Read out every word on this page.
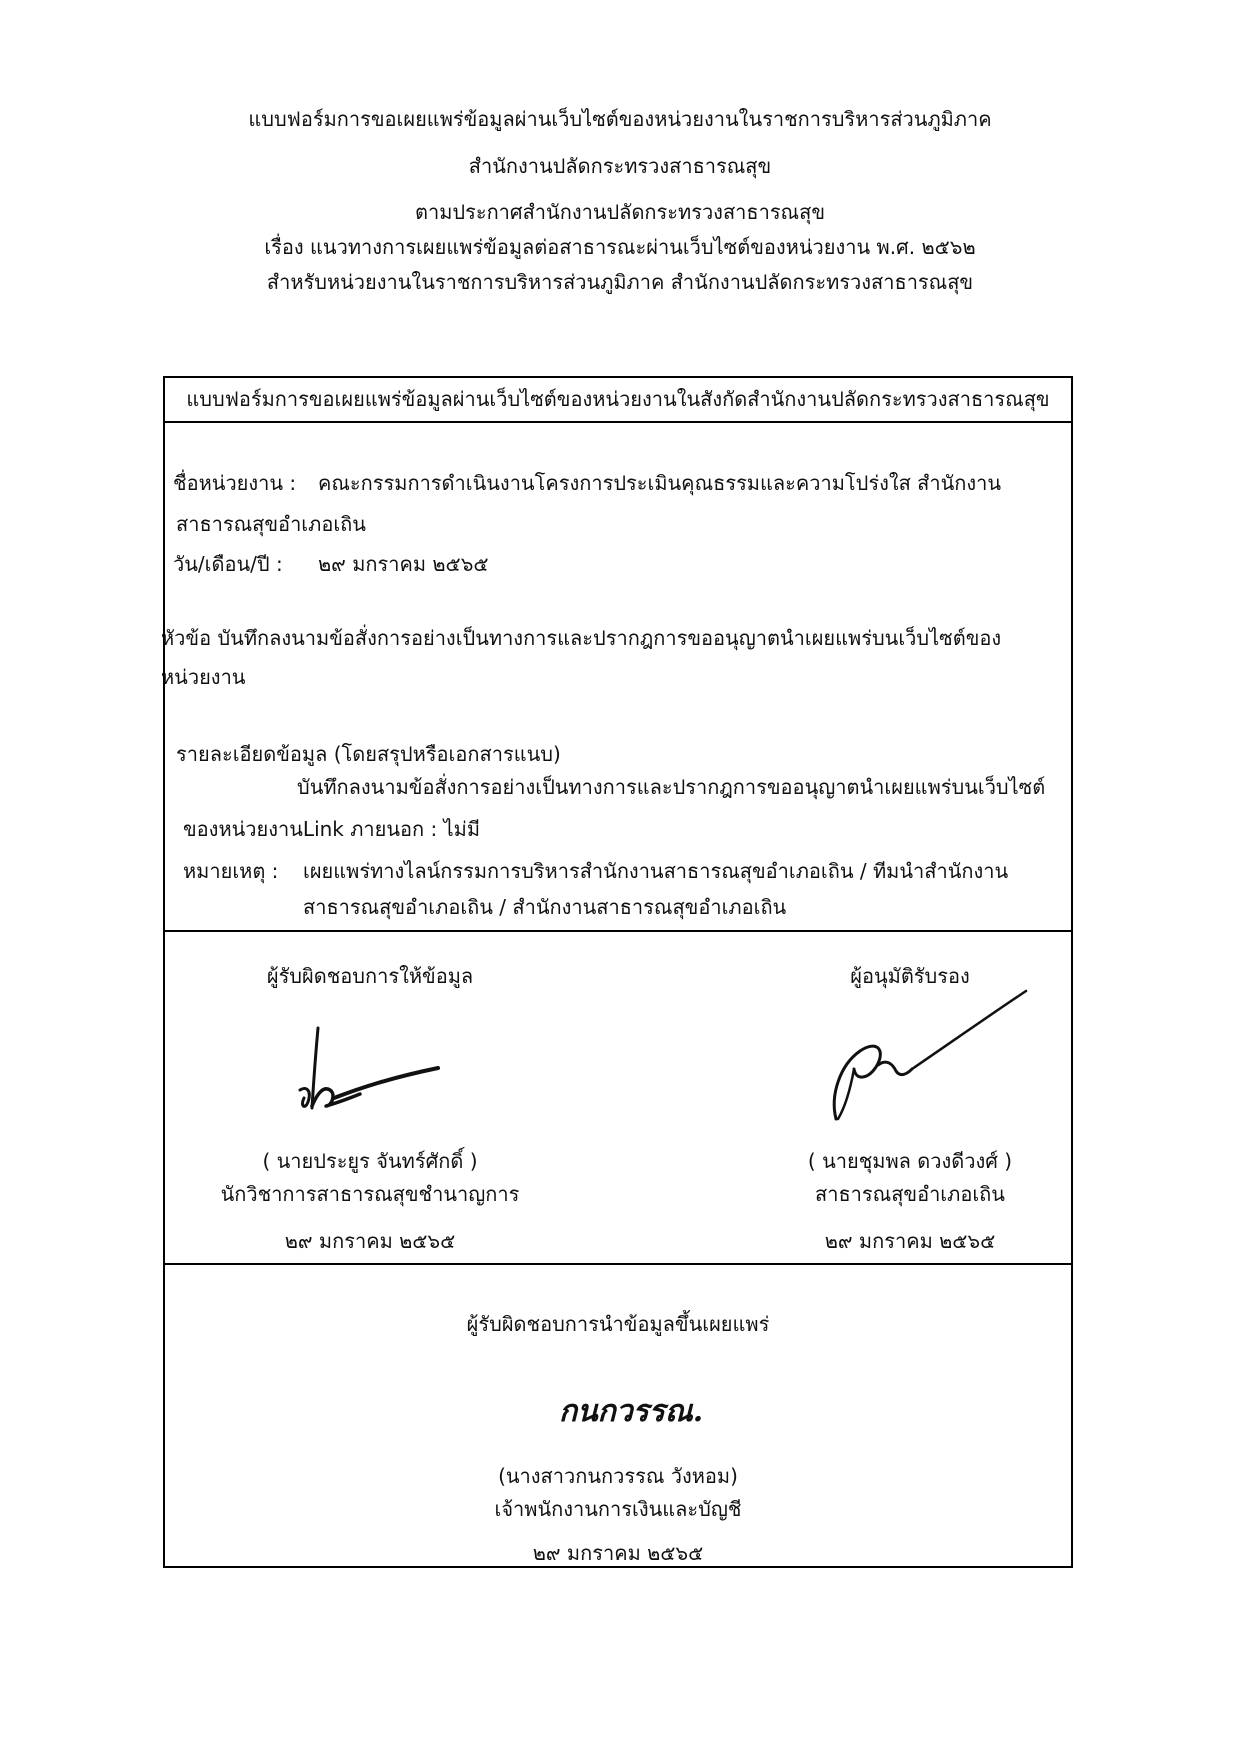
แบบฟอร์มการขอเผยแพร่ข้อมูลผ่านเว็บไซต์ของหน่วยงานในราชการบริหารส่วนภูมิภาค
สำนักงานปลัดกระทรวงสาธารณสุข
ตามประกาศสำนักงานปลัดกระทรวงสาธารณสุข
เรื่อง แนวทางการเผยแพร่ข้อมูลต่อสาธารณะผ่านเว็บไซต์ของหน่วยงาน พ.ศ. ๒๕๖๒
สำหรับหน่วยงานในราชการบริหารส่วนภูมิภาค สำนักงานปลัดกระทรวงสาธารณสุข
แบบฟอร์มการขอเผยแพร่ข้อมูลผ่านเว็บไซต์ของหน่วยงานในสังกัดสำนักงานปลัดกระทรวงสาธารณสุข
ชื่อหน่วยงาน : คณะกรรมการดำเนินงานโครงการประเมินคุณธรรมและความโปร่งใส สำนักงาน
สาธารณสุขอำเภอเถิน
วัน/เดือน/ปี : ๒๙ มกราคม ๒๕๖๕
หัวข้อ บันทึกลงนามข้อสั่งการอย่างเป็นทางการและปรากฎการขออนุญาตนำเผยแพร่บนเว็บไซต์ของ
หน่วยงาน
รายละเอียดข้อมูล (โดยสรุปหรือเอกสารแนบ)
บันทึกลงนามข้อสั่งการอย่างเป็นทางการและปรากฎการขออนุญาตนำเผยแพร่บนเว็บไซต์
ของหน่วยงานLink ภายนอก : ไม่มี
หมายเหตุ : เผยแพร่ทางไลน์กรรมการบริหารสำนักงานสาธารณสุขอำเภอเถิน / ทีมนำสำนักงาน
สาธารณสุขอำเภอเถิน / สำนักงานสาธารณสุขอำเภอเถิน
ผู้รับผิดชอบการให้ข้อมูล
( นายประยูร จันทร์ศักดิ์ )
นักวิชาการสาธารณสุขชำนาญการ
๒๙ มกราคม ๒๕๖๕
ผู้อนุมัติรับรอง
( นายชุมพล ดวงดีวงศ์ )
สาธารณสุขอำเภอเถิน
๒๙ มกราคม ๒๕๖๕
ผู้รับผิดชอบการนำข้อมูลขึ้นเผยแพร่
กนกวรรณ.
(นางสาวกนกวรรณ วังหอม)
เจ้าพนักงานการเงินและบัญชี
๒๙ มกราคม ๒๕๖๕
